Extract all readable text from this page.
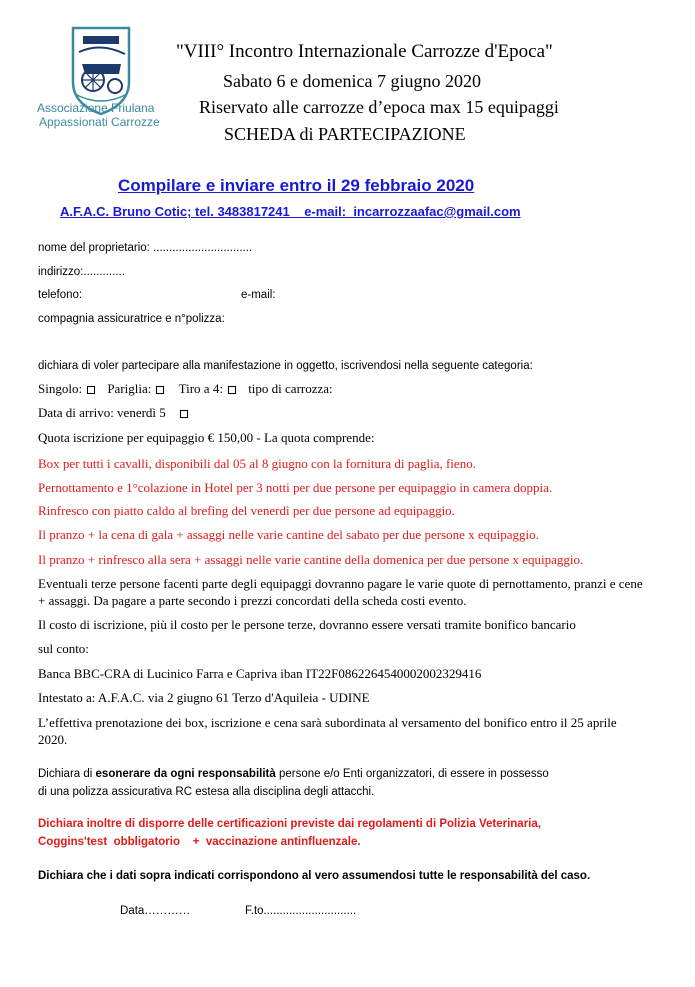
A.F.A.C.
Associazione Friulana
Appassionati Carrozze
"VIII° Incontro Internazionale Carrozze d'Epoca"
Sabato 6 e domenica 7 giugno 2020
Riservato alle carrozze d’epoca max 15 equipaggi
SCHEDA di PARTECIPAZIONE
Compilare e inviare entro il 29 febbraio 2020
A.F.A.C. Bruno Cotic; tel. 3483817241    e-mail:  incarrozzaafac@gmail.com
nome del proprietario: ...............................
indirizzo:.............
telefono:	e-mail:
compagnia assicuratrice e n°polizza:
dichiara di voler partecipare alla manifestazione in oggetto, iscrivendosi nella seguente categoria:
Singolo: Pariglia: Tiro a 4: tipo di carrozza:
Data di arrivo: venerdì 5
Quota iscrizione per equipaggio € 150,00 - La quota comprende:
Box per tutti i cavalli, disponibili dal 05 al 8 giugno con la fornitura di paglia, fieno.
Pernottamento e 1°colazione in Hotel per 3 notti per due persone per equipaggio in camera doppia.
Rinfresco con piatto caldo al brefing del venerdì per due persone ad equipaggio.
Il pranzo + la cena di gala + assaggi nelle varie cantine del sabato per due persone x equipaggio.
Il pranzo + rinfresco alla sera + assaggi nelle varie cantine della domenica per due persone x equipaggio.
Eventuali terze persone facenti parte degli equipaggi dovranno pagare le varie quote di pernottamento, pranzi e cene + assaggi. Da pagare a parte secondo i prezzi concordati della scheda costi evento.
Il costo di iscrizione, più il costo per le persone terze, dovranno essere versati tramite bonifico bancario
sul conto:
Banca BBC-CRA di Lucinico Farra e Capriva iban IT22F0862264540002002329416
Intestato a: A.F.A.C. via 2 giugno 61 Terzo d'Aquileia - UDINE
L’effettiva prenotazione dei box, iscrizione e cena sarà subordinata al versamento del bonifico entro il 25 aprile 2020.
Dichiara di esonerare da ogni responsabilità persone e/o Enti organizzatori, di essere in possesso
di una polizza assicurativa RC estesa alla disciplina degli attacchi.
Dichiara inoltre di disporre delle certificazioni previste dai regolamenti di Polizia Veterinaria,
Coggins'test  obbligatorio    +  vaccinazione antinfluenzale.
Dichiara che i dati sopra indicati corrispondono al vero assumendosi tutte le responsabilità del caso.
Data…………	F.to.............................
